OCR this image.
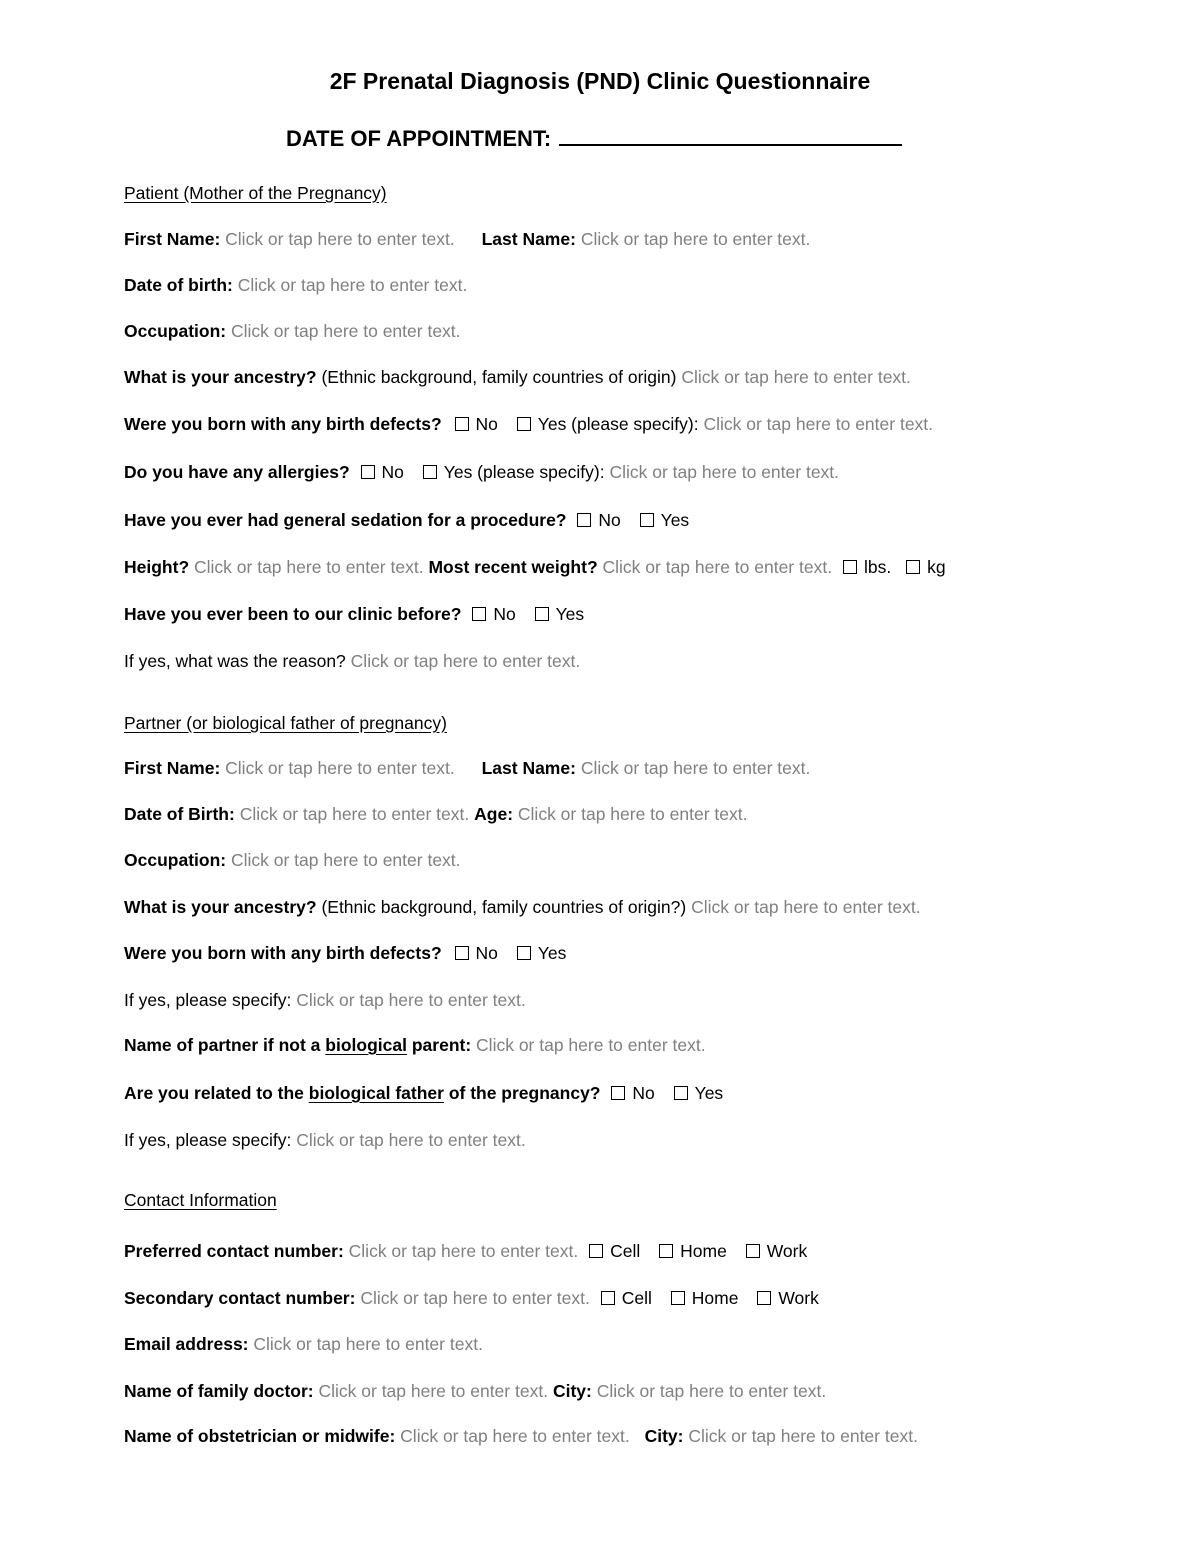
2F Prenatal Diagnosis (PND) Clinic Questionnaire
DATE OF APPOINTMENT:
Patient (Mother of the Pregnancy)
First Name: Click or tap here to enter text. Last Name: Click or tap here to enter text.
Date of birth: Click or tap here to enter text.
Occupation: Click or tap here to enter text.
What is your ancestry? (Ethnic background, family countries of origin) Click or tap here to enter text.
Were you born with any birth defects? No Yes (please specify): Click or tap here to enter text.
Do you have any allergies? No Yes (please specify): Click or tap here to enter text.
Have you ever had general sedation for a procedure? No Yes
Height? Click or tap here to enter text. Most recent weight? Click or tap here to enter text. lbs. kg
Have you ever been to our clinic before? No Yes
If yes, what was the reason? Click or tap here to enter text.
Partner (or biological father of pregnancy)
First Name: Click or tap here to enter text. Last Name: Click or tap here to enter text.
Date of Birth: Click or tap here to enter text. Age: Click or tap here to enter text.
Occupation: Click or tap here to enter text.
What is your ancestry? (Ethnic background, family countries of origin?) Click or tap here to enter text.
Were you born with any birth defects? No Yes
If yes, please specify: Click or tap here to enter text.
Name of partner if not a biological parent: Click or tap here to enter text.
Are you related to the biological father of the pregnancy? No Yes
If yes, please specify: Click or tap here to enter text.
Contact Information
Preferred contact number: Click or tap here to enter text. Cell Home Work
Secondary contact number: Click or tap here to enter text. Cell Home Work
Email address: Click or tap here to enter text.
Name of family doctor: Click or tap here to enter text. City: Click or tap here to enter text.
Name of obstetrician or midwife: Click or tap here to enter text. City: Click or tap here to enter text.
